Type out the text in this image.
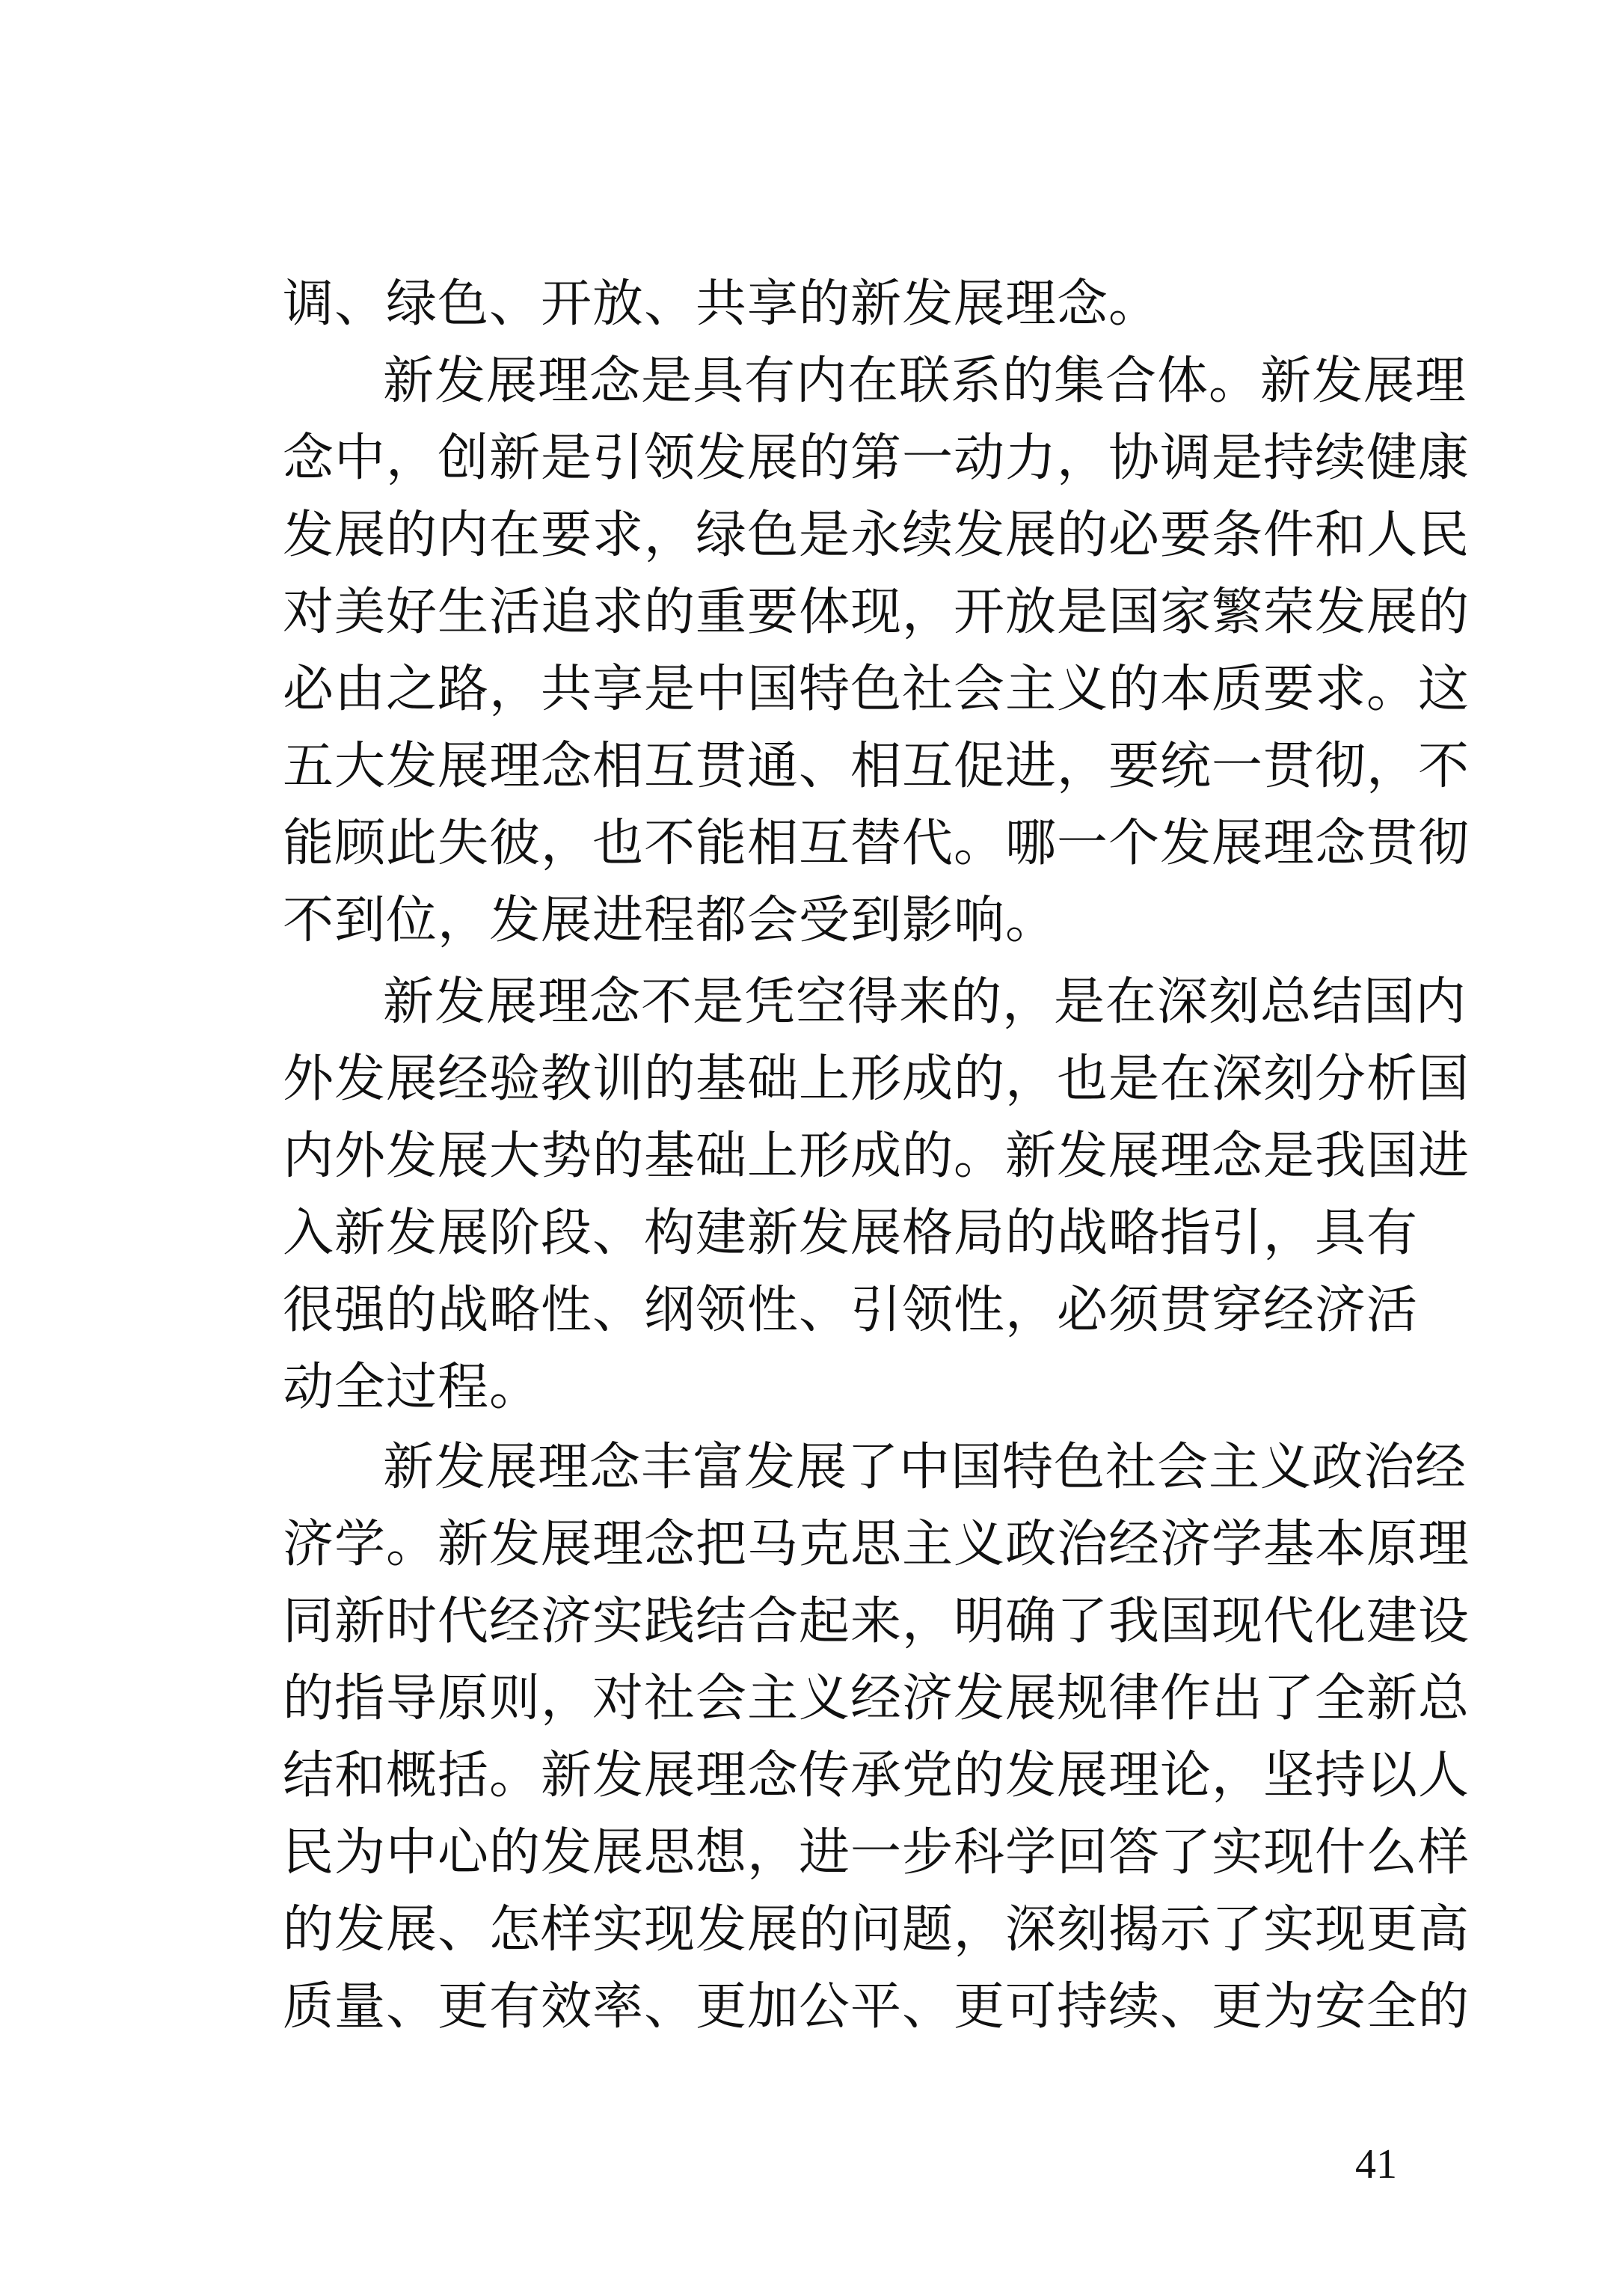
调、绿色、开放、共享的新发展理念。
新发展理念是具有内在联系的集合体。新发展理
念中，创新是引领发展的第一动力，协调是持续健康
发展的内在要求，绿色是永续发展的必要条件和人民
对美好生活追求的重要体现，开放是国家繁荣发展的
必由之路，共享是中国特色社会主义的本质要求。这
五大发展理念相互贯通、相互促进，要统一贯彻，不
能顾此失彼，也不能相互替代。哪一个发展理念贯彻
不到位，发展进程都会受到影响。
新发展理念不是凭空得来的，是在深刻总结国内
外发展经验教训的基础上形成的，也是在深刻分析国
内外发展大势的基础上形成的。新发展理念是我国进
入新发展阶段、构建新发展格局的战略指引，具有
很强的战略性、纲领性、引领性，必须贯穿经济活
动全过程。
新发展理念丰富发展了中国特色社会主义政治经
济学。新发展理念把马克思主义政治经济学基本原理
同新时代经济实践结合起来，明确了我国现代化建设
的指导原则，对社会主义经济发展规律作出了全新总
结和概括。新发展理念传承党的发展理论，坚持以人
民为中心的发展思想，进一步科学回答了实现什么样
的发展、怎样实现发展的问题，深刻揭示了实现更高
质量、更有效率、更加公平、更可持续、更为安全的
41
